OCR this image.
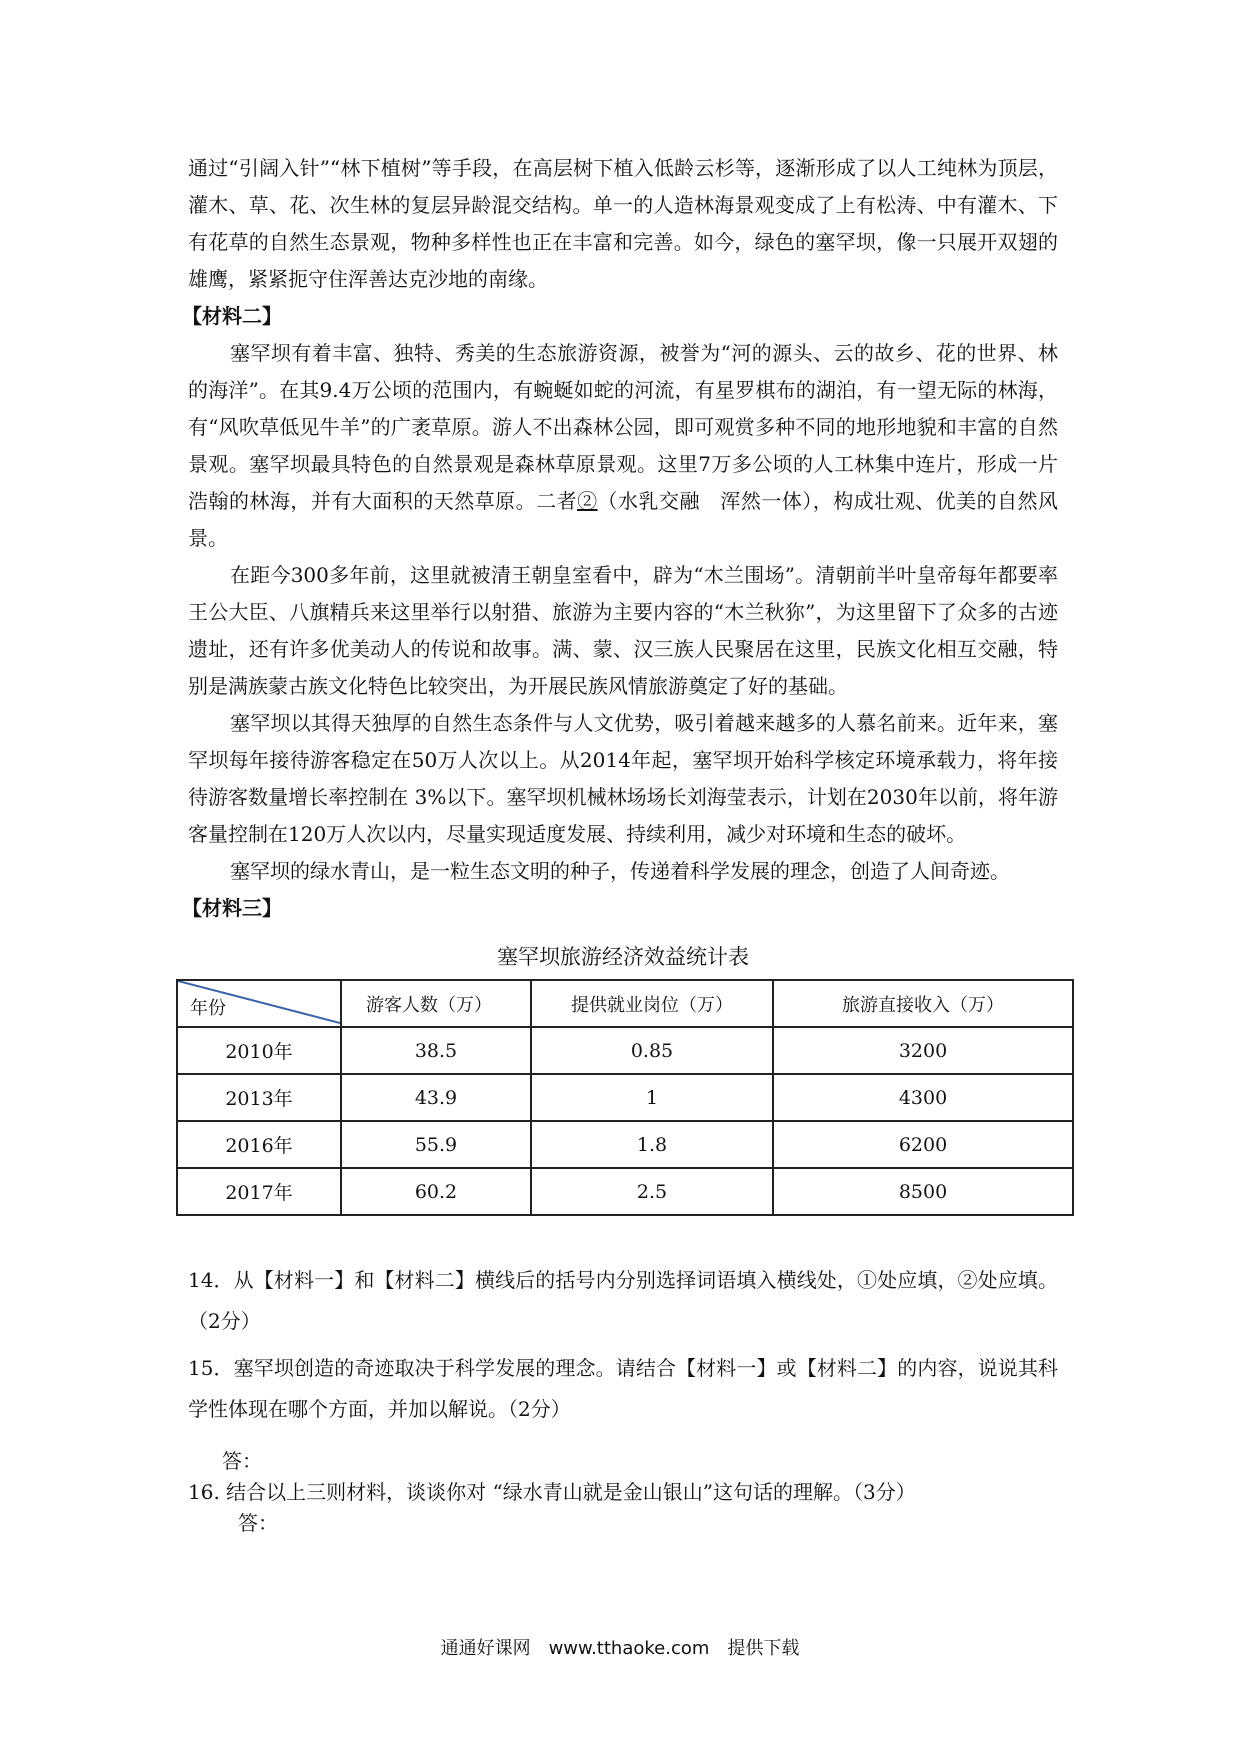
通过“引阔入针”“林下植树”等手段，在高层树下植入低龄云杉等，逐渐形成了以人工纯林为顶层，灌木、草、花、次生林的复层异龄混交结构。单一的人造林海景观变成了上有松涛、中有灌木、下有花草的自然生态景观，物种多样性也正在丰富和完善。如今，绿色的塞罕坝，像一只展开双翅的雄鹰，紧紧扼守住浑善达克沙地的南缘。

【材料二】

塞罕坝有着丰富、独特、秀美的生态旅游资源，被誉为“河的源头、云的故乡、花的世界、林的海洋”。在其9.4万公顷的范围内，有蜿蜒如蛇的河流，有星罗棋布的湖泊，有一望无际的林海，有“风吹草低见牛羊”的广袤草原。游人不出森林公园，即可观赏多种不同的地形地貌和丰富的自然景观。塞罕坝最具特色的自然景观是森林草原景观。这里7万多公顷的人工林集中连片，形成一片浩翰的林海，并有大面积的天然草原。二者②（水乳交融　浑然一体），构成壮观、优美的自然风景。

在距今300多年前，这里就被清王朝皇室看中，辟为“木兰围场”。清朝前半叶皇帝每年都要率王公大臣、八旗精兵来这里举行以射猎、旅游为主要内容的“木兰秋狝”，为这里留下了众多的古迹遗址，还有许多优美动人的传说和故事。满、蒙、汉三族人民聚居在这里，民族文化相互交融，特别是满族蒙古族文化特色比较突出，为开展民族风情旅游奠定了好的基础。

塞罕坝以其得天独厚的自然生态条件与人文优势，吸引着越来越多的人慕名前来。近年来，塞罕坝每年接待游客稳定在50万人次以上。从2014年起，塞罕坝开始科学核定环境承载力，将年接待游客数量增长率控制在 3%以下。塞罕坝机械林场场长刘海莹表示，计划在2030年以前，将年游客量控制在120万人次以内，尽量实现适度发展、持续利用，减少对环境和生态的破坏。

塞罕坝的绿水青山，是一粒生态文明的种子，传递着科学发展的理念，创造了人间奇迹。

【材料三】
塞罕坝旅游经济效益统计表
年份	游客人数（万）	提供就业岗位（万）	旅游直接收入（万）
2010年	38.5	0.85	3200
2013年	43.9	1	4300
2016年	55.9	1.8	6200
2017年	60.2	2.5	8500

14．从【材料一】和【材料二】横线后的括号内分别选择词语填入横线处，①处应填，②处应填。（2分）

15．塞罕坝创造的奇迹取决于科学发展的理念。请结合【材料一】或【材料二】的内容，说说其科学性体现在哪个方面，并加以解说。（2分）

答：

16. 结合以上三则材料，谈谈你对 “绿水青山就是金山银山”这句话的理解。（3分）

答：
通通好课网　www.tthaoke.com　提供下载
